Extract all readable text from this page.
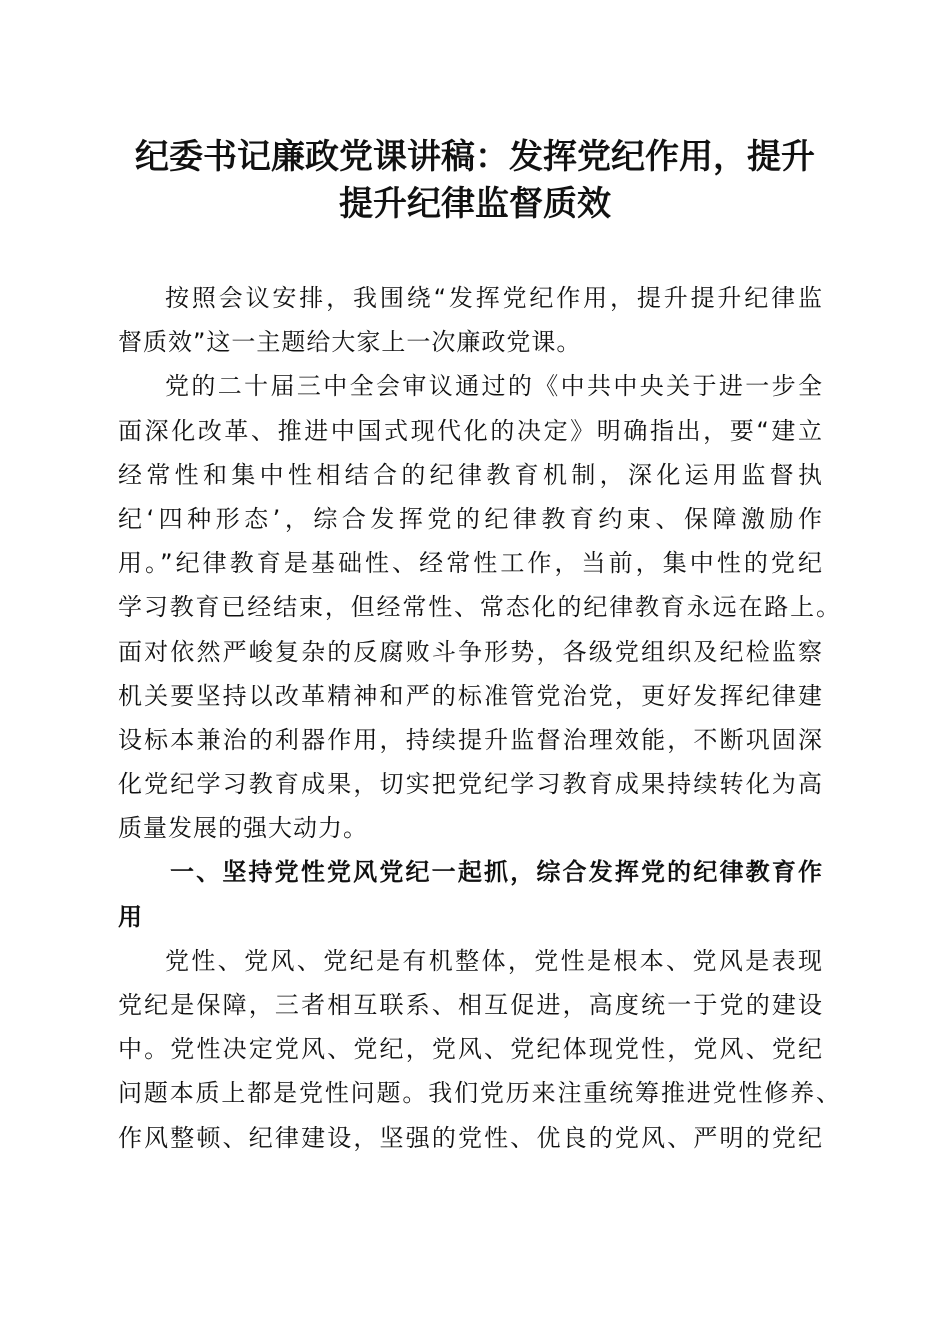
纪委书记廉政党课讲稿：发挥党纪作用，提升
提升纪律监督质效
按照会议安排，我围绕“发挥党纪作用，提升提升纪律监
督质效”这一主题给大家上一次廉政党课。
党的二十届三中全会审议通过的《中共中央关于进一步全
面深化改革、推进中国式现代化的决定》明确指出，要“建立
经常性和集中性相结合的纪律教育机制，深化运用监督执
纪‘四种形态’，综合发挥党的纪律教育约束、保障激励作
用。”纪律教育是基础性、经常性工作，当前，集中性的党纪
学习教育已经结束，但经常性、常态化的纪律教育永远在路上。
面对依然严峻复杂的反腐败斗争形势，各级党组织及纪检监察
机关要坚持以改革精神和严的标准管党治党，更好发挥纪律建
设标本兼治的利器作用，持续提升监督治理效能，不断巩固深
化党纪学习教育成果，切实把党纪学习教育成果持续转化为高
质量发展的强大动力。
一、坚持党性党风党纪一起抓，综合发挥党的纪律教育作
用
党性、党风、党纪是有机整体，党性是根本、党风是表现
党纪是保障，三者相互联系、相互促进，高度统一于党的建设
中。党性决定党风、党纪，党风、党纪体现党性，党风、党纪
问题本质上都是党性问题。我们党历来注重统筹推进党性修养、
作风整顿、纪律建设，坚强的党性、优良的党风、严明的党纪
